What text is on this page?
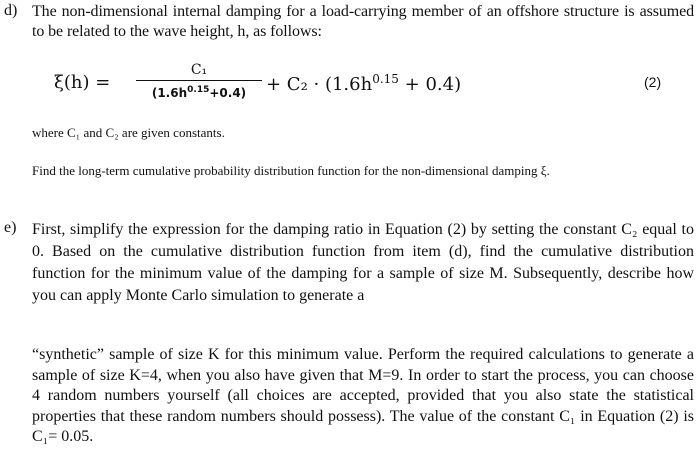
d) The non-dimensional internal damping for a load-carrying member of an offshore structure is assumed to be related to the wave height, h, as follows:
ξ(h) =
C₁
$(1.6h^{0.15}+0.4)$	+ $C_2 \cdot (1.6h^{0.15} + 0.4)$	(2)
where C₁ and C₂ are given constants.
Find the long-term cumulative probability distribution function for the non-dimensional damping ξ.
e) First, simplify the expression for the damping ratio in Equation (2) by setting the constant C₂ equal to 0. Based on the cumulative distribution function from item (d), find the cumulative distribution function for the minimum value of the damping for a sample of size M. Subsequently, describe how you can apply Monte Carlo simulation to generate a
“synthetic” sample of size K for this minimum value. Perform the required calculations to generate a sample of size K=4, when you also have given that M=9. In order to start the process, you can choose 4 random numbers yourself (all choices are accepted, provided that you also state the statistical properties that these random numbers should possess). The value of the constant C₁ in Equation (2) is C₁= 0.05.
